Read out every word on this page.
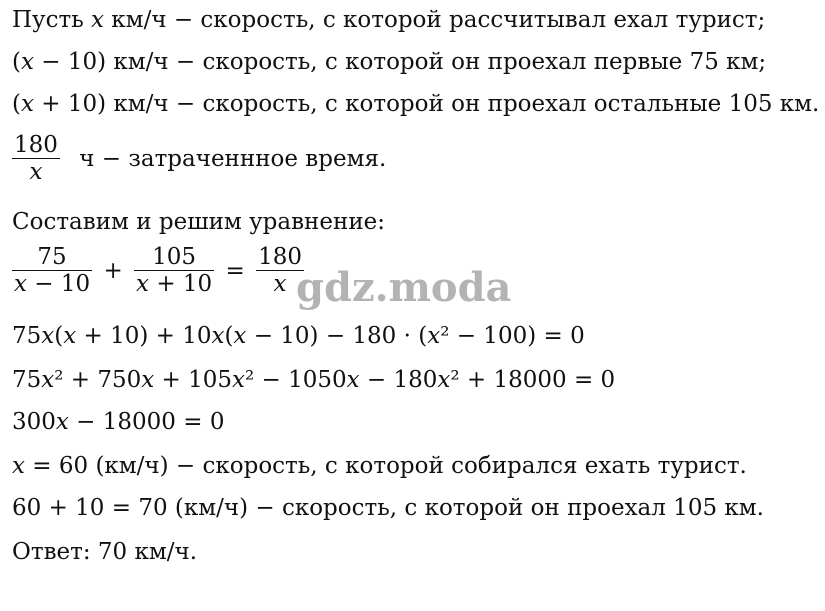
Пусть 𝑥 км/ч − скорость, с которой рассчитывал ехал турист;
(𝑥 − 10) км/ч − скорость, с которой он проехал первые 75 км;
(𝑥 + 10) км/ч − скорость, с которой он проехал остальные 105 км.
$\frac{180}{\text{𝑥}}$ ч − затраченнное время.
Составим и решим уравнение:
$\frac{75}{\text{𝑥 − 10}} + \frac{105}{\text{𝑥 + 10}} = \frac{180}{\text{𝑥}}$
75𝑥(𝑥 + 10) + 10𝑥(𝑥 − 10) − 180 · (𝑥² − 100) = 0
75𝑥² + 750𝑥 + 105𝑥² − 1050𝑥 − 180𝑥² + 18000 = 0
300𝑥 − 18000 = 0
𝑥 = 60 (км/ч) − скорость, с которой собирался ехать турист.
60 + 10 = 70 (км/ч) − скорость, с которой он проехал 105 км.
Ответ: 70 км/ч.
gdz.moda
